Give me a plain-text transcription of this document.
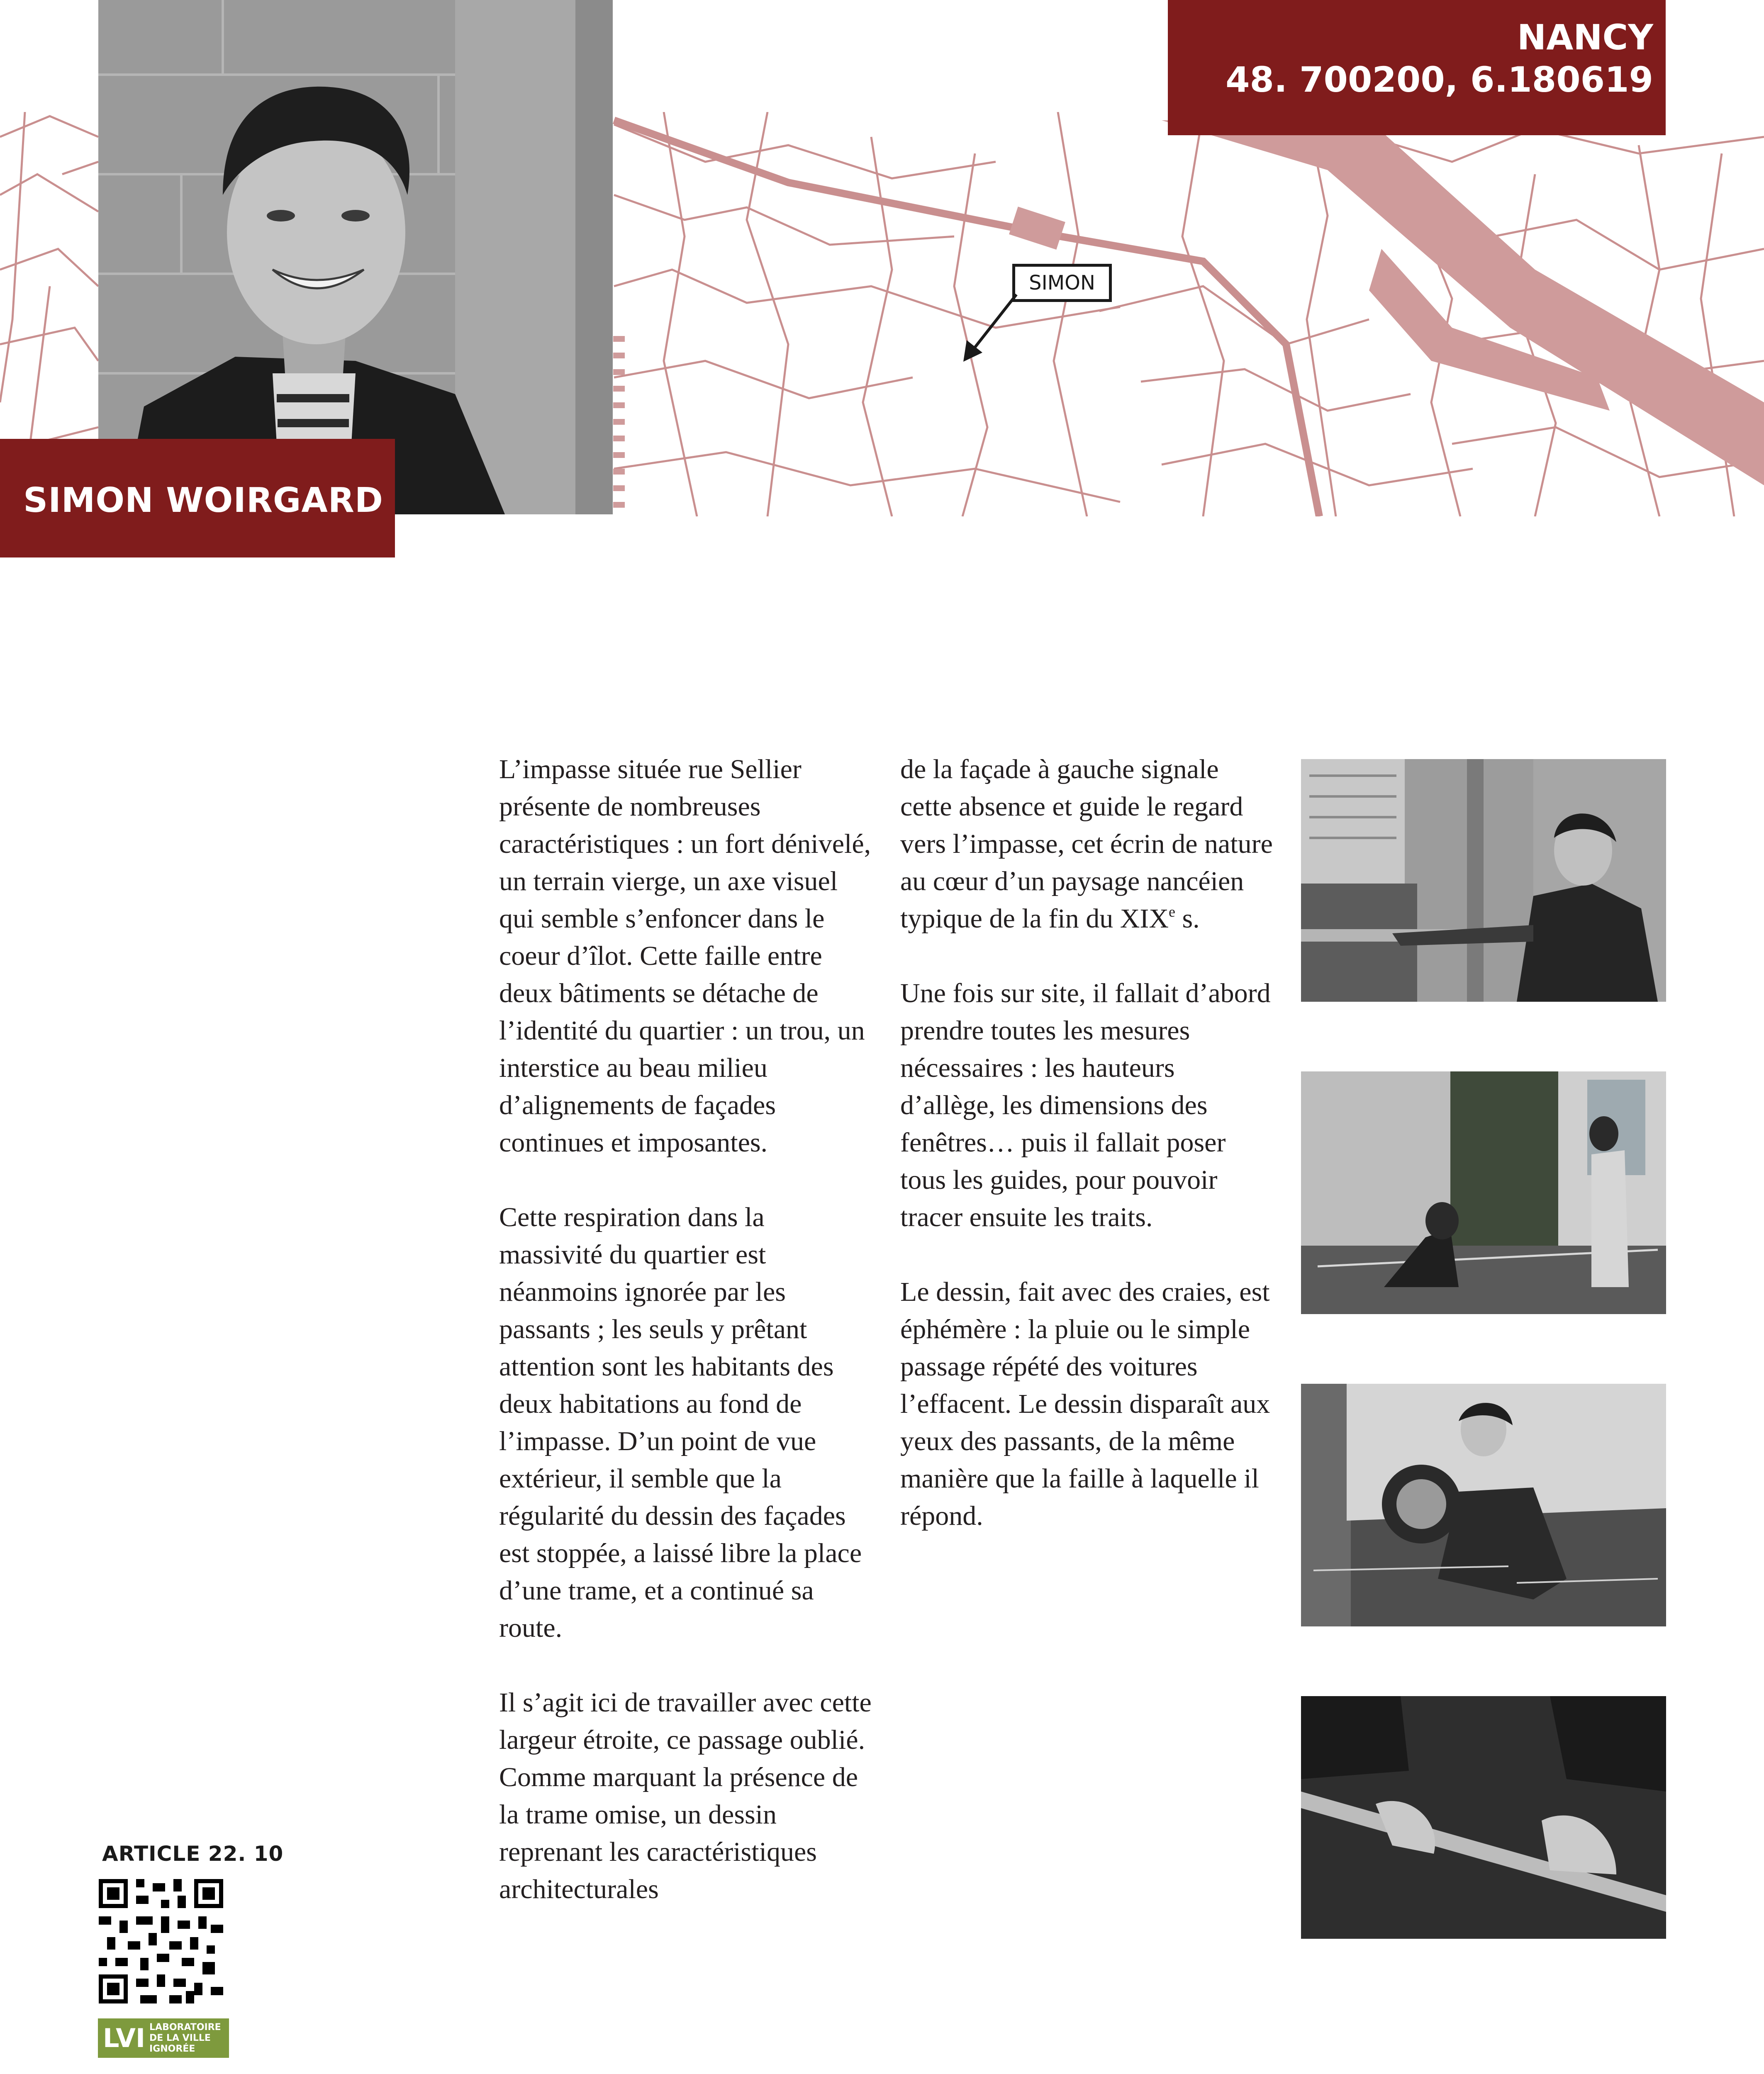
SIMON WOIRGARD
NANCY
48. 700200, 6.180619
SIMON

L’impasse située rue Sellier présente de nombreuses caractéristiques : un fort dénivelé, un terrain vierge, un axe visuel qui semble s’enfoncer dans le coeur d’îlot. Cette faille entre deux bâtiments se détache de l’identité du quartier : un trou, un interstice au beau milieu d’alignements de façades continues et imposantes.

Cette respiration dans la massivité du quartier est néanmoins ignorée par les passants ; les seuls y prêtant attention sont les habitants des deux habitations au fond de l’impasse. D’un point de vue extérieur, il semble que la régularité du dessin des façades est stoppée, a laissé libre la place d’une trame, et a continué sa route.

Il s’agit ici de travailler avec cette largeur étroite, ce passage oublié. Comme marquant la présence de la trame omise, un dessin reprenant les caractéristiques architecturales

de la façade à gauche signale cette absence et guide le regard vers l’impasse, cet écrin de nature au cœur d’un paysage nancéien typique de la fin du XIXe s.

Une fois sur site, il fallait d’abord prendre toutes les mesures nécessaires : les hauteurs d’allège, les dimensions des fenêtres… puis il fallait poser tous les guides, pour pouvoir tracer ensuite les traits.

Le dessin, fait avec des craies, est éphémère : la pluie ou le simple passage répété des voitures l’effacent. Le dessin disparaît aux yeux des passants, de la même manière que la faille à laquelle il répond.

ARTICLE 22. 10
LVI LABORATOIRE
DE LA VILLE IGNORÉE
